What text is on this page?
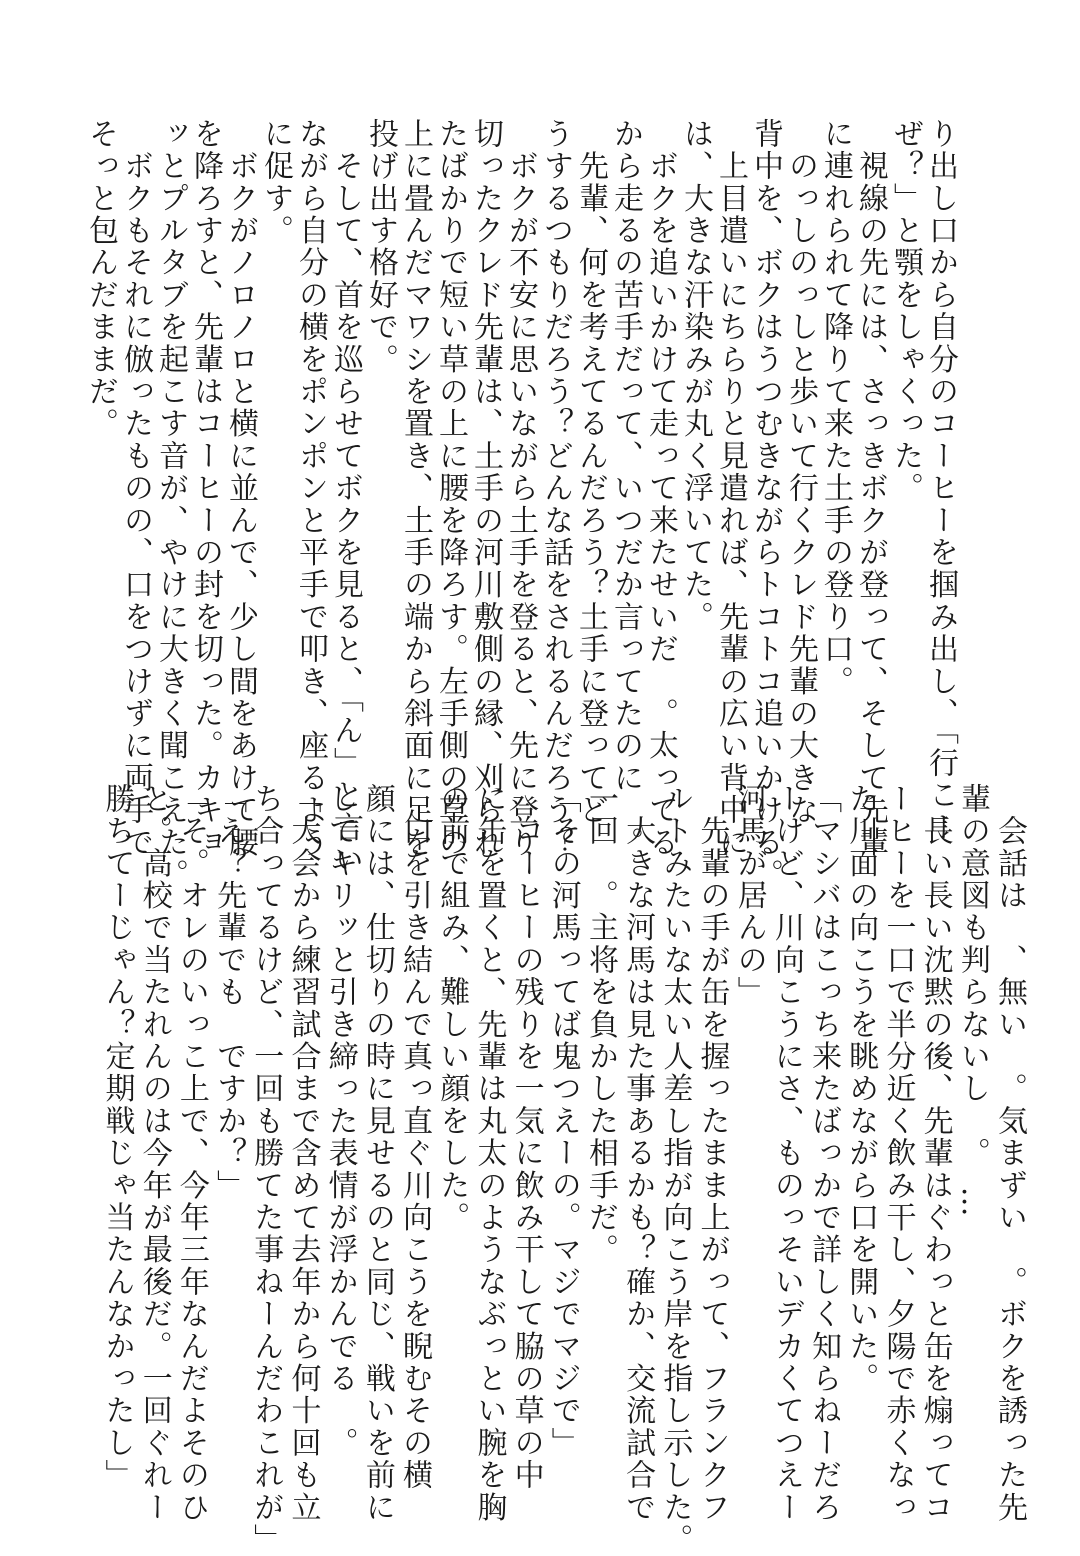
り出し口から自分のコーヒーを掴み出し、「行こー
ぜ？」と顎をしゃくった。
　視線の先には、さっきボクが登って、そして先輩
に連れられて降りて来た土手の登り口。
　のっしのっしと歩いて行くクレド先輩の大きな
背中を、ボクはうつむきながらトコトコ追いかける。
　上目遣いにちらりと見遣れば、先輩の広い背中に
は、大きな汗染みが丸く浮いてた。
　ボクを追いかけて走って来たせいだ　。太ってる
から走るの苦手だって、いつだか言ってたのに　。
　先輩、何を考えてるんだろう？土手に登ってど
うするつもりだろう？どんな話をされるんだろう？
　ボクが不安に思いながら土手を登ると、先に登り
切ったクレド先輩は、土手の河川敷側の縁、刈られ
たばかりで短い草の上に腰を降ろす。左手側の草の
上に畳んだマワシを置き、土手の端から斜面に足を
投げ出す格好で。
　そして、首を巡らせてボクを見ると、「ん」と言い
ながら自分の横をポンポンと平手で叩き、座るよう
に促す。
　ボクがノロノロと横に並んで、少し間をあけて腰
を降ろすと、先輩はコーヒーの封を切った。カキョ
ッとプルタブを起こす音が、やけに大きく聞こえた。
　ボクもそれに倣ったものの、口をつけずに両手で
そっと包んだままだ。
　会話は　、無い　。気まずい　。ボクを誘った先
輩の意図も判らないし　。　…
　長い長い沈黙の後、先輩はぐわっと缶を煽ってコ
ーヒーを一口で半分近く飲み干し、夕陽で赤くなっ
た川面の向こうを眺めながら口を開いた。
「マシバはこっち来たばっかで詳しく知らねーだろ
ーけど、川向こうにさ、ものっそいデカくてつえー
河馬が居んの」
　先輩の手が缶を握ったまま上がって、フランクフ
ルトみたいな太い人差し指が向こう岸を指し示した。
　大きな河馬は見た事あるかも？確か、交流試合で
一回　。主将を負かした相手だ。
「その河馬ってば鬼つえーの。マジでマジで」
　コーヒーの残りを一気に飲み干して脇の草の中
に缶を置くと、先輩は丸太のようなぶっとい腕を胸
の前で組み、難しい顔をした。
　口を引き結んで真っ直ぐ川向こうを睨むその横
顔には、仕切りの時に見せるのと同じ、戦いを前に
してキリッと引き締った表情が浮かんでる　。
「大会から練習試合まで含めて去年から何十回も立
ち合ってるけど、一回も勝てた事ねーんだわこれが」
「え？先輩でも　ですか？」
「そ。オレのいっこ上で、今年三年なんだよそのひ
と。高校で当たれんのは今年が最後だ。一回ぐれー
勝ちてーじゃん？定期戦じゃ当たんなかったし」
